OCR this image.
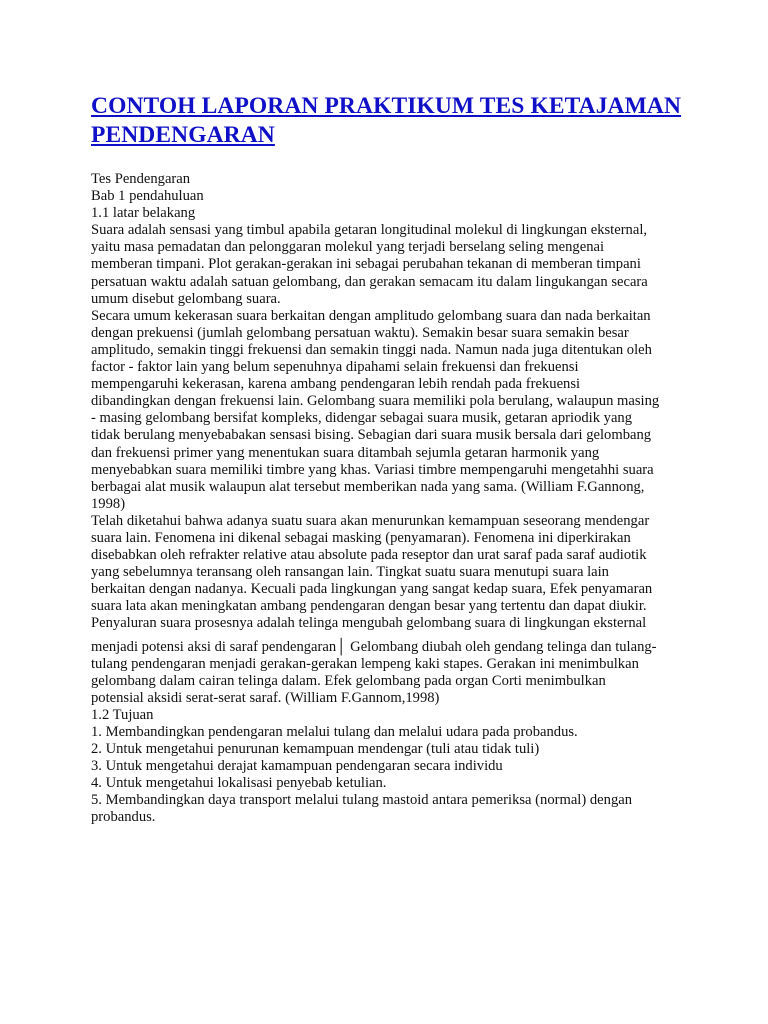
CONTOH LAPORAN PRAKTIKUM TES KETAJAMAN
PENDENGARAN
Tes Pendengaran
Bab 1 pendahuluan
1.1 latar belakang
Suara adalah sensasi yang timbul apabila getaran longitudinal molekul di lingkungan eksternal,
yaitu masa pemadatan dan pelonggaran molekul yang terjadi berselang seling mengenai
memberan timpani. Plot gerakan-gerakan ini sebagai perubahan tekanan di memberan timpani
persatuan waktu adalah satuan gelombang, dan gerakan semacam itu dalam lingukangan secara
umum disebut gelombang suara.
Secara umum kekerasan suara berkaitan dengan amplitudo gelombang suara dan nada berkaitan
dengan prekuensi (jumlah gelombang persatuan waktu). Semakin besar suara semakin besar
amplitudo, semakin tinggi frekuensi dan semakin tinggi nada. Namun nada juga ditentukan oleh
factor - faktor lain yang belum sepenuhnya dipahami selain frekuensi dan frekuensi
mempengaruhi kekerasan, karena ambang pendengaran lebih rendah pada frekuensi
dibandingkan dengan frekuensi lain. Gelombang suara memiliki pola berulang, walaupun masing
- masing gelombang bersifat kompleks, didengar sebagai suara musik, getaran apriodik yang
tidak berulang menyebabakan sensasi bising. Sebagian dari suara musik bersala dari gelombang
dan frekuensi primer yang menentukan suara ditambah sejumla getaran harmonik yang
menyebabkan suara memiliki timbre yang khas. Variasi timbre mempengaruhi mengetahhi suara
berbagai alat musik walaupun alat tersebut memberikan nada yang sama. (William F.Gannong,
1998)
Telah diketahui bahwa adanya suatu suara akan menurunkan kemampuan seseorang mendengar
suara lain. Fenomena ini dikenal sebagai masking (penyamaran). Fenomena ini diperkirakan
disebabkan oleh refrakter relative atau absolute pada reseptor dan urat saraf pada saraf audiotik
yang sebelumnya teransang oleh ransangan lain. Tingkat suatu suara menutupi suara lain
berkaitan dengan nadanya. Kecuali pada lingkungan yang sangat kedap suara, Efek penyamaran
suara lata akan meningkatan ambang pendengaran dengan besar yang tertentu dan dapat diukir.
Penyaluran suara prosesnya adalah telinga mengubah gelombang suara di lingkungan eksternal
menjadi potensi aksi di saraf pendengaran│ Gelombang diubah oleh gendang telinga dan tulang-
tulang pendengaran menjadi gerakan-gerakan lempeng kaki stapes. Gerakan ini menimbulkan
gelombang dalam cairan telinga dalam. Efek gelombang pada organ Corti menimbulkan
potensial aksidi serat-serat saraf. (William F.Gannom,1998)
1.2 Tujuan
1. Membandingkan pendengaran melalui tulang dan melalui udara pada probandus.
2. Untuk mengetahui penurunan kemampuan mendengar (tuli atau tidak tuli)
3. Untuk mengetahui derajat kamampuan pendengaran secara individu
4. Untuk mengetahui lokalisasi penyebab ketulian.
5. Membandingkan daya transport melalui tulang mastoid antara pemeriksa (normal) dengan
probandus.
